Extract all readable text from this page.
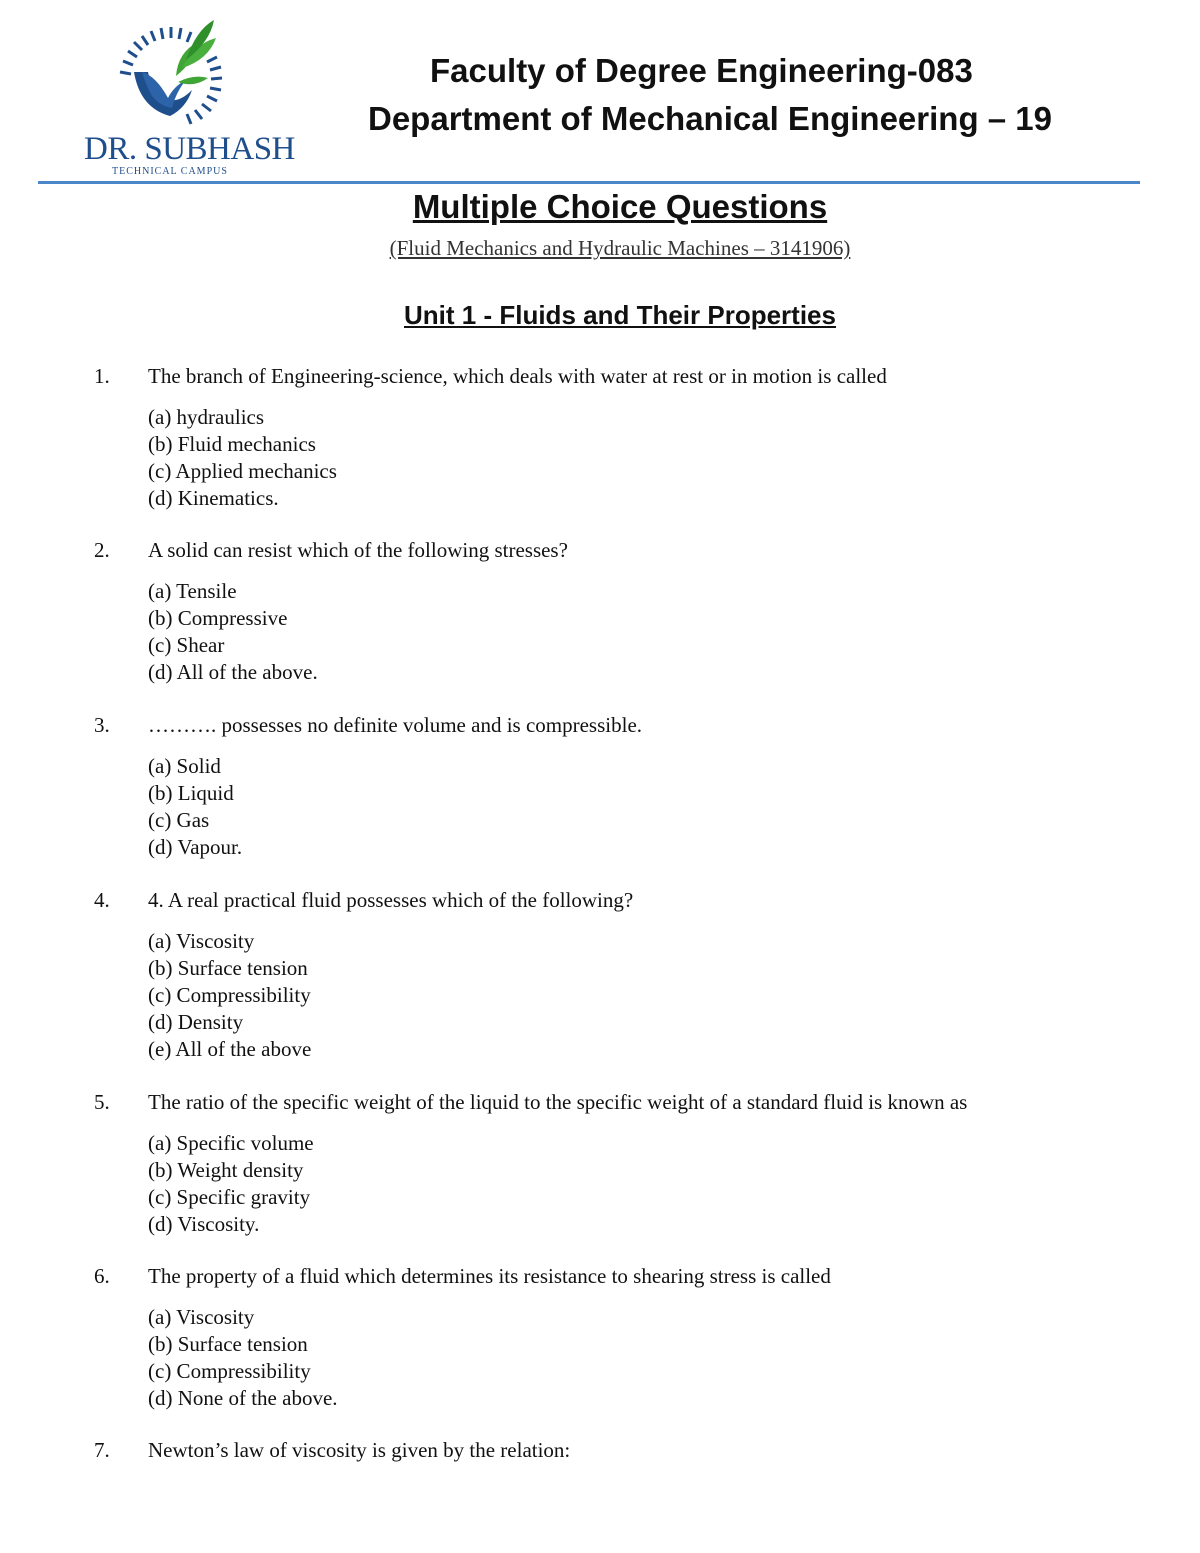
DR. SUBHASH
TECHNICAL CAMPUS
Faculty of Degree Engineering-083
Department of Mechanical Engineering – 19
Multiple Choice Questions
(Fluid Mechanics and Hydraulic Machines – 3141906)
Unit 1 - Fluids and Their Properties
1. The branch of Engineering-science, which deals with water at rest or in motion is called
(a) hydraulics
(b) Fluid mechanics
(c) Applied mechanics
(d) Kinematics.
2. A solid can resist which of the following stresses?
(a) Tensile
(b) Compressive
(c) Shear
(d) All of the above.
3. ………. possesses no definite volume and is compressible.
(a) Solid
(b) Liquid
(c) Gas
(d) Vapour.
4. 4. A real practical fluid possesses which of the following?
(a) Viscosity
(b) Surface tension
(c) Compressibility
(d) Density
(e) All of the above
5. The ratio of the specific weight of the liquid to the specific weight of a standard fluid is known as
(a) Specific volume
(b) Weight density
(c) Specific gravity
(d) Viscosity.
6. The property of a fluid which determines its resistance to shearing stress is called
(a) Viscosity
(b) Surface tension
(c) Compressibility
(d) None of the above.
7. Newton’s law of viscosity is given by the relation:
